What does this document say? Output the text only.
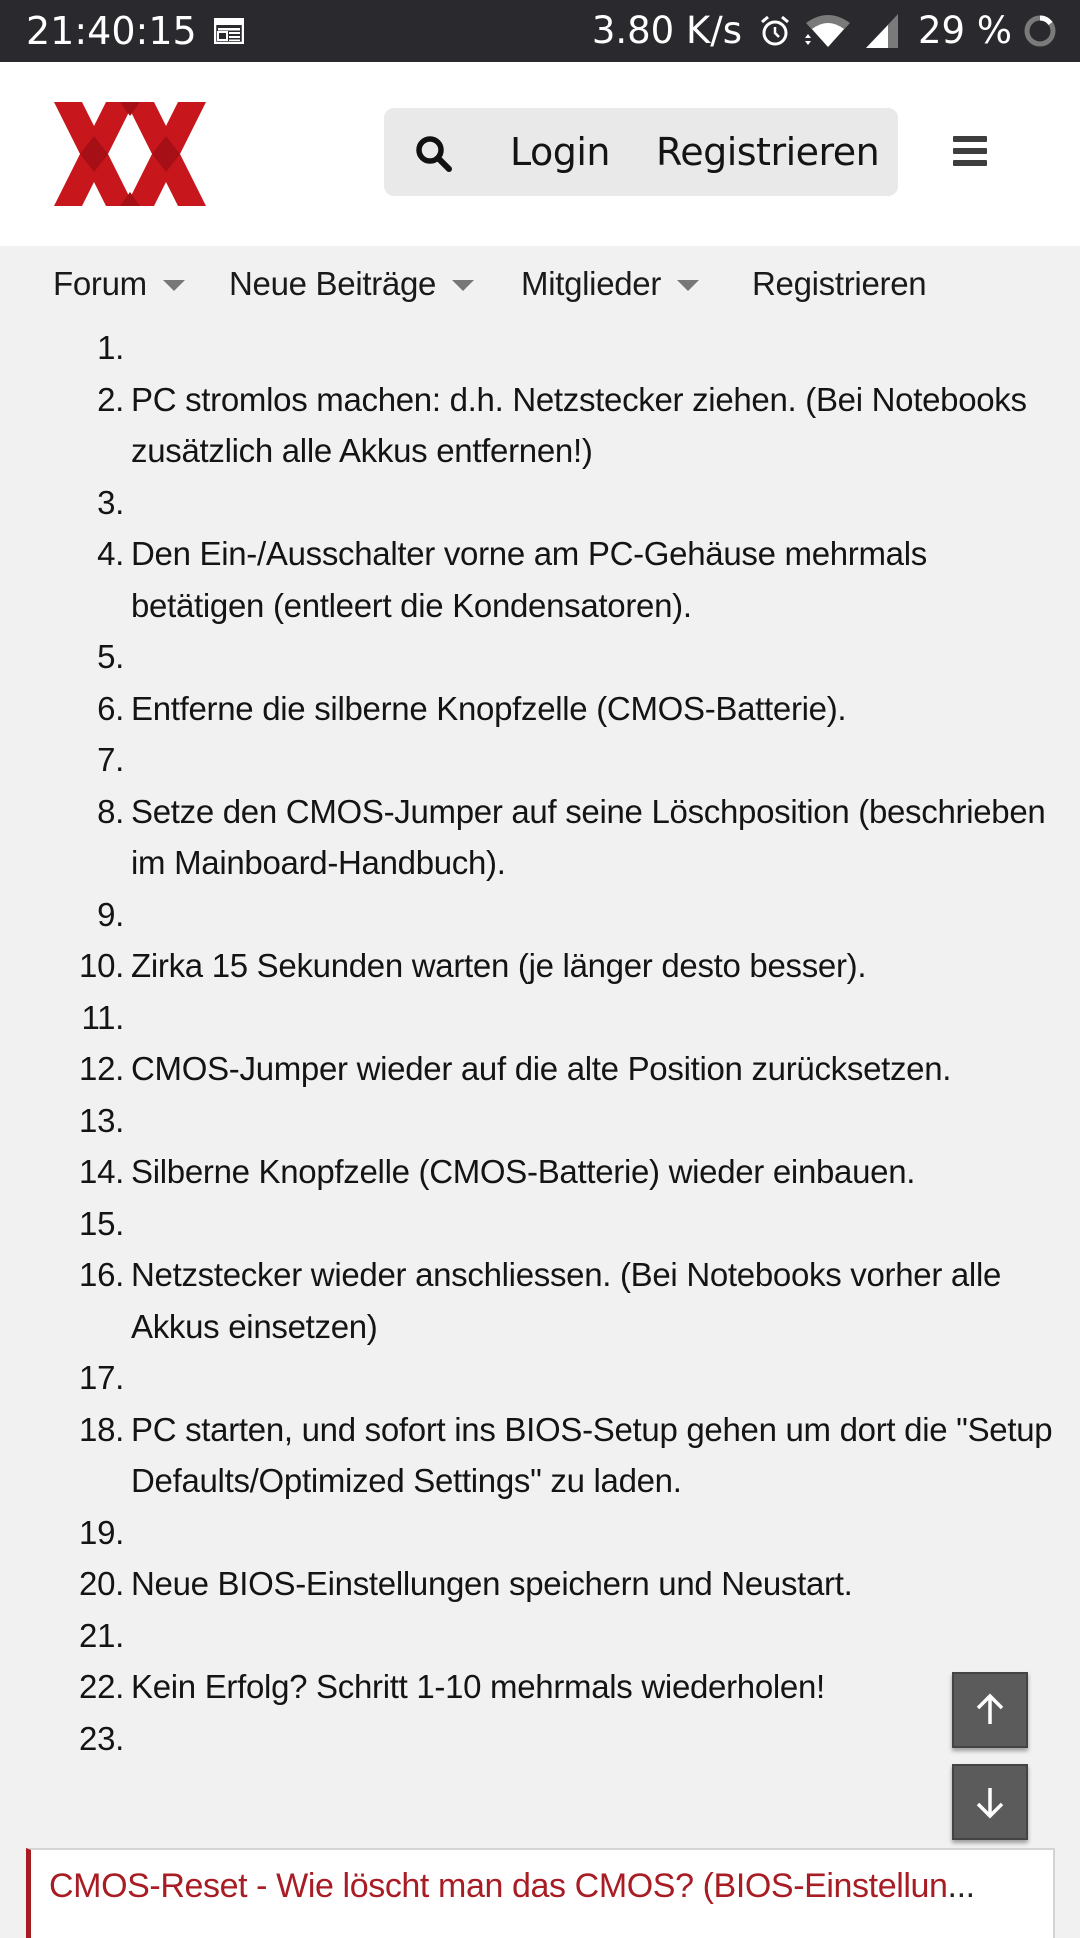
21:40:15	3.80 K/s	29 %
Login Registrieren
Forum Neue Beiträge	Mitglieder	Registrieren
1.
2. PC stromlos machen: d.h. Netzstecker ziehen. (Bei Notebooks zusätzlich alle Akkus entfernen!)
3.
4. Den Ein-/Ausschalter vorne am PC-Gehäuse mehrmals betätigen (entleert die Kondensatoren).
5.
6. Entferne die silberne Knopfzelle (CMOS-Batterie).
7.
8. Setze den CMOS-Jumper auf seine Löschposition (beschrieben im Mainboard-Handbuch).
9.
10. Zirka 15 Sekunden warten (je länger desto besser).
11.
12. CMOS-Jumper wieder auf die alte Position zurücksetzen.
13.
14. Silberne Knopfzelle (CMOS-Batterie) wieder einbauen.
15.
16. Netzstecker wieder anschliessen. (Bei Notebooks vorher alle Akkus einsetzen)
17.
18. PC starten, und sofort ins BIOS-Setup gehen um dort die "Setup Defaults/Optimized Settings" zu laden.
19.
20. Neue BIOS-Einstellungen speichern und Neustart.
21.
22. Kein Erfolg? Schritt 1-10 mehrmals wiederholen!
23.
CMOS-Reset - Wie löscht man das CMOS? (BIOS-Einstellun...
